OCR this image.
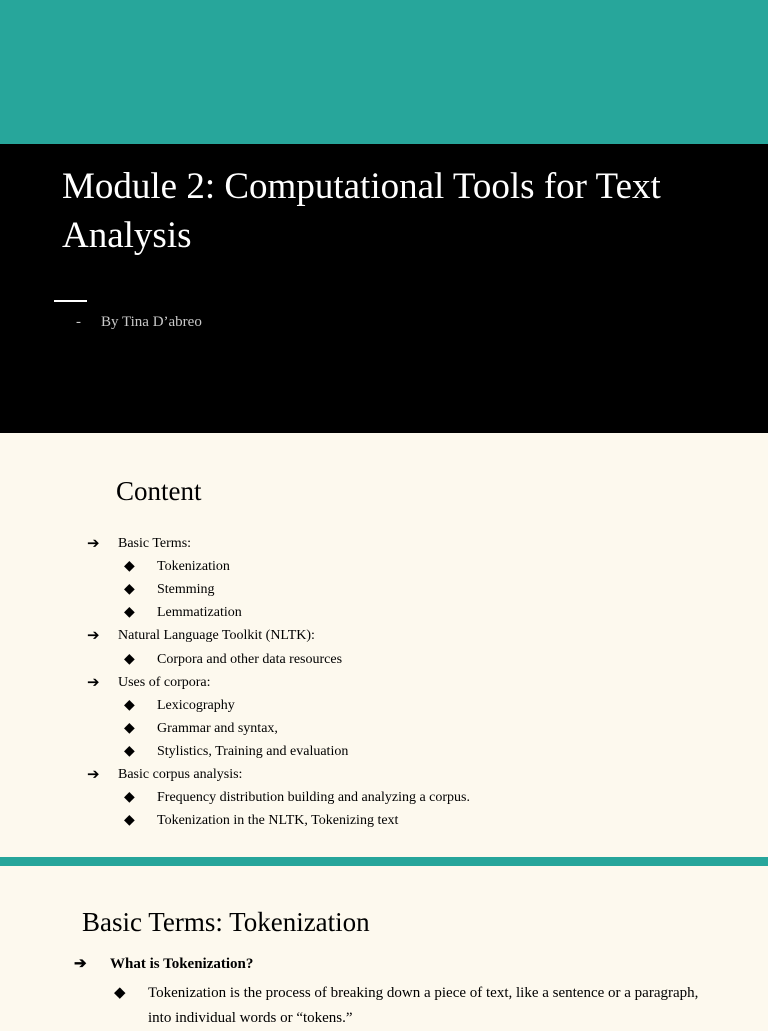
Module 2: Computational Tools for Text Analysis
- By Tina D’abreo
Content
➔ Basic Terms:
◆ Tokenization
◆ Stemming
◆ Lemmatization
➔ Natural Language Toolkit (NLTK):
◆ Corpora and other data resources
➔ Uses of corpora:
◆ Lexicography
◆ Grammar and syntax,
◆ Stylistics, Training and evaluation
➔ Basic corpus analysis:
◆ Frequency distribution building and analyzing a corpus.
◆ Tokenization in the NLTK, Tokenizing text
Basic Terms: Tokenization
➔ What is Tokenization?
◆ Tokenization is the process of breaking down a piece of text, like a sentence or a paragraph, into individual words or “tokens.”
